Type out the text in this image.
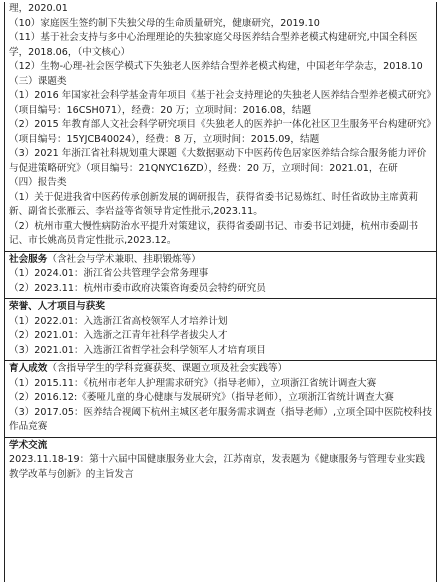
理，2020.01
（10）家庭医生签约制下失独父母的生命质量研究，健康研究，2019.10
（11）基于社会支持与多中心治理理论的失独家庭父母医养结合型养老模式构建研究,中国全科医学，2018.06，（中文核心）
（12）生物-心理-社会医学模式下失独老人医养结合型养老模式构建，中国老年学杂志，2018.10
（三）课题类
（1）2016 年国家社会科学基金青年项目《基于社会支持理论的失独老人医养结合型养老模式研究》（项目编号：16CSH071），经费：20 万；立项时间：2016.08，结题
（2）2015 年教育部人文社会科学研究项目《失独老人的医养护一体化社区卫生服务平台构建研究》（项目编号：15YJCB40024），经费：8 万，立项时间：2015.09，结题
（3）2021 年浙江省社科规划重大课题《大数据驱动下中医药传色居家医养结合综合服务能力评价与促进策略研究》（项目编号：21QNYC16ZD），经费：20 万，立项时间：2021.01，在研
（四）报告类
（1）关于促进我省中医药传承创新发展的调研报告，获得省委书记易炼红、时任省政协主席黄莉新、副省长张雁云、李岩益等省领导肯定性批示,2023.11。
（2）杭州市重大慢性病防治水平提升对策建议，获得省委副书记、市委书记刘捷，杭州市委副书记、市长姚高员肯定性批示,2023.12。
社会服务（含社会与学术兼职、挂职锻炼等）
（1）2024.01：浙江省公共管理学会常务理事
（2）2023.11：杭州市委市政府决策咨询委员会特约研究员
荣誉、人才项目与获奖
（1）2022.01：入选浙江省高校领军人才培养计划
（2）2021.01：入选浙之江青年社科学者拔尖人才
（3）2021.01：入选浙江省哲学社会科学领军人才培育项目
育人成效（含指导学生的学科竞赛获奖、课题立项及社会实践等）
（1）2015.11：《杭州市老年人护理需求研究》（指导老师），立项浙江省统计调查大赛
（2）2016.12:《萎哑儿童的身心健康与发展研究》（指导老师），立项浙江省统计调查大赛
（3）2017.05：医养结合视阈下杭州主城区老年服务需求调查（指导老师）,立项全国中医院校科技作品竞赛
学术交流
2023.11.18-19：第十六届中国健康服务业大会，江苏南京，发表题为《健康服务与管理专业实践教学改革与创新》的主旨发言
